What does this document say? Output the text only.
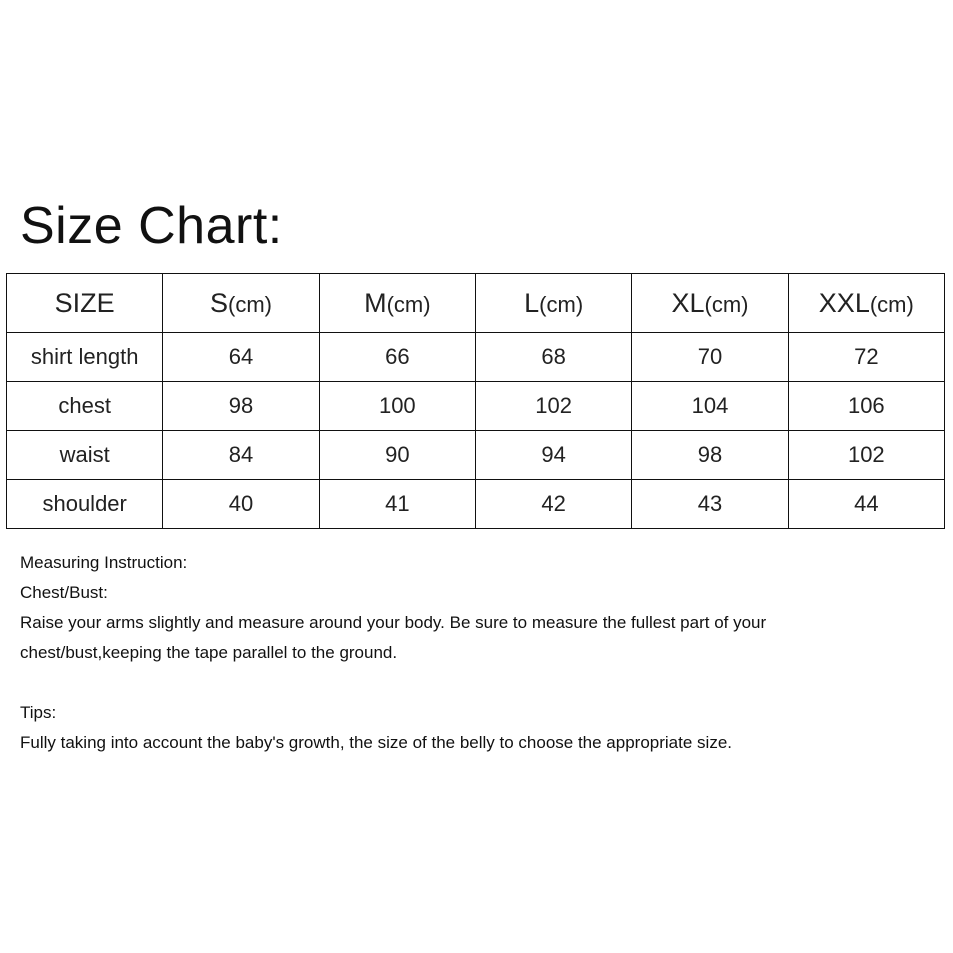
Size Chart:
SIZE	S(cm)	M(cm)	L(cm)	XL(cm)	XXL(cm)
shirt length	64	66	68	70	72
chest	98	100	102	104	106
waist	84	90	94	98	102
shoulder	40	41	42	43	44

Measuring Instruction:

Chest/Bust:

Raise your arms slightly and measure around your body. Be sure to measure the fullest part of your

chest/bust,keeping the tape parallel to the ground.

Tips:

Fully taking into account the baby's growth, the size of the belly to choose the appropriate size.
